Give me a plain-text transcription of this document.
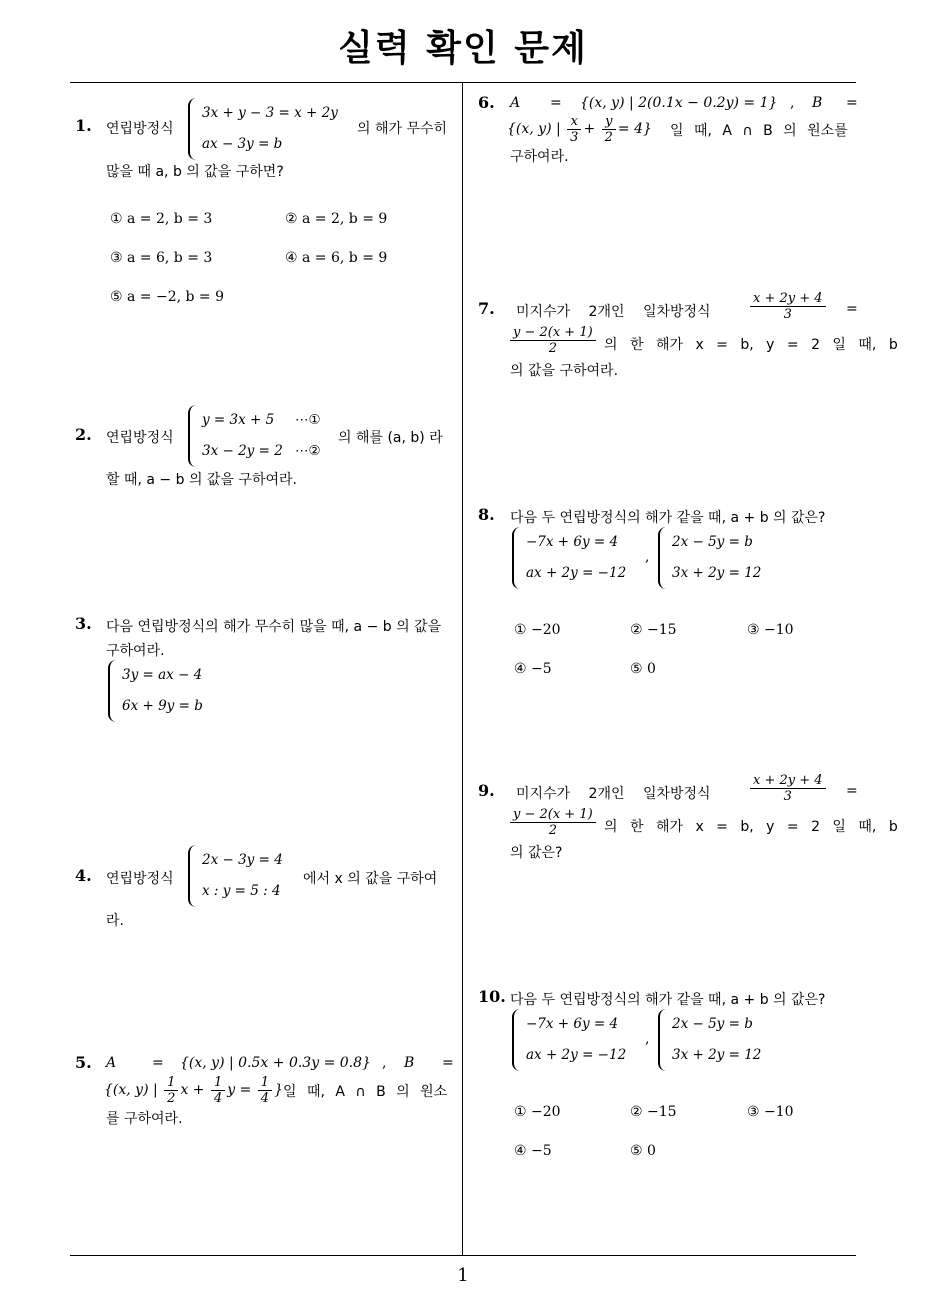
실력 확인 문제
1
1. 연립방정식
3x + y − 3 = x + 2y
ax − 3y = b
의 해가 무수히
많을 때 a, b 의 값을 구하면?
① a = 2, b = 3	② a = 2, b = 9
③ a = 6, b = 3	④ a = 6, b = 9
⑤ a = −2, b = 9
2. 연립방정식
y = 3x + 5 ⋯①
3x − 2y = 2 ⋯②
의 해를 (a, b) 라
할 때, a − b 의 값을 구하여라.
3. 다음 연립방정식의 해가 무수히 많을 때, a − b 의 값을
구하여라.
3y = ax − 4
6x + 9y = b
4. 연립방정식
2x − 3y = 4
x : y = 5 : 4
에서 x 의 값을 구하여
라.
5. A	= {(x, y) | 0.5x + 0.3y = 0.8} , B =
{(x, y) | $\frac{1}{2}$ $x + \frac{1}{4}$ $y = \frac{1}{4}$ } 일 때, A ∩ B 의 원소
를 구하여라.
6. A = {(x, y) | 2(0.1x − 0.2y) = 1} , B =
{(x, y) | $\frac{x}{3} + \frac{y}{2} = 4$} 일 때, A ∩ B 의 원소를
구하여라.
7. 미지수가 2개인 일차방정식	$\frac{x + 2y + 4}{3}$ =
$\frac{y - 2(x + 1)}{2}$ 의 한 해가 x = b, y = 2 일 때, b
의 값을 구하여라.
8. 다음 두 연립방정식의 해가 같을 때, a + b 의 값은?
−7x + 6y = 4
ax + 2y = −12
,
2x − 5y = b
3x + 2y = 12
① −20	② −15	③ −10
④ −5	⑤ 0
9. 미지수가 2개인 일차방정식	$\frac{x + 2y + 4}{3}$ =
$\frac{y - 2(x + 1)}{2}$ 의 한 해가 x = b, y = 2 일 때, b
의 값은?
10. 다음 두 연립방정식의 해가 같을 때, a + b 의 값은?
−7x + 6y = 4
ax + 2y = −12
,
2x − 5y = b
3x + 2y = 12
① −20	② −15	③ −10
④ −5	⑤ 0
